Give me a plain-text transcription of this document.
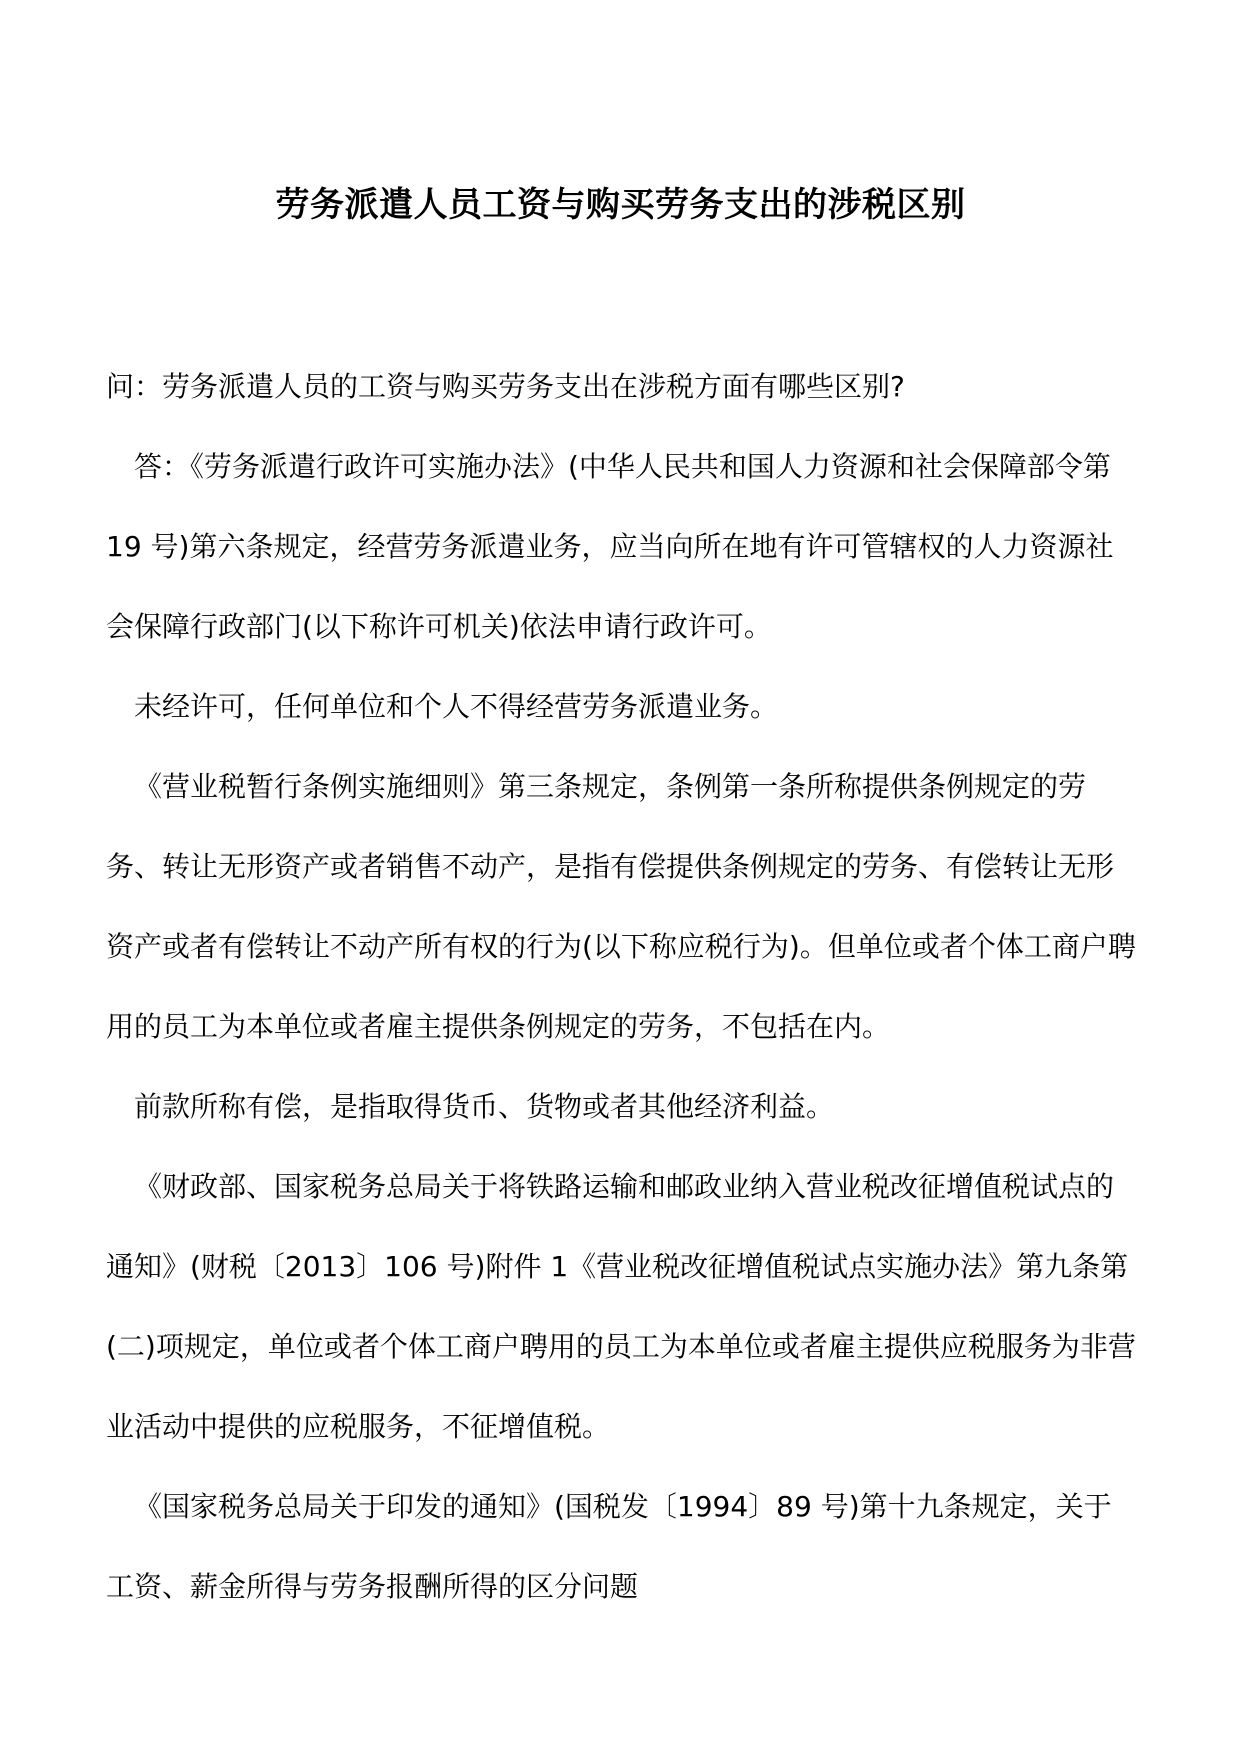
劳务派遣人员工资与购买劳务支出的涉税区别

问：劳务派遣人员的工资与购买劳务支出在涉税方面有哪些区别?

答：《劳务派遣行政许可实施办法》(中华人民共和国人力资源和社会保障部令第 19 号)第六条规定，经营劳务派遣业务，应当向所在地有许可管辖权的人力资源社会保障行政部门(以下称许可机关)依法申请行政许可。

未经许可，任何单位和个人不得经营劳务派遣业务。

《营业税暂行条例实施细则》第三条规定，条例第一条所称提供条例规定的劳务、转让无形资产或者销售不动产，是指有偿提供条例规定的劳务、有偿转让无形资产或者有偿转让不动产所有权的行为(以下称应税行为)。但单位或者个体工商户聘用的员工为本单位或者雇主提供条例规定的劳务，不包括在内。

前款所称有偿，是指取得货币、货物或者其他经济利益。

《财政部、国家税务总局关于将铁路运输和邮政业纳入营业税改征增值税试点的通知》(财税〔2013〕106 号)附件 1《营业税改征增值税试点实施办法》第九条第(二)项规定，单位或者个体工商户聘用的员工为本单位或者雇主提供应税服务为非营业活动中提供的应税服务，不征增值税。

《国家税务总局关于印发的通知》(国税发〔1994〕89 号)第十九条规定，关于工资、薪金所得与劳务报酬所得的区分问题
